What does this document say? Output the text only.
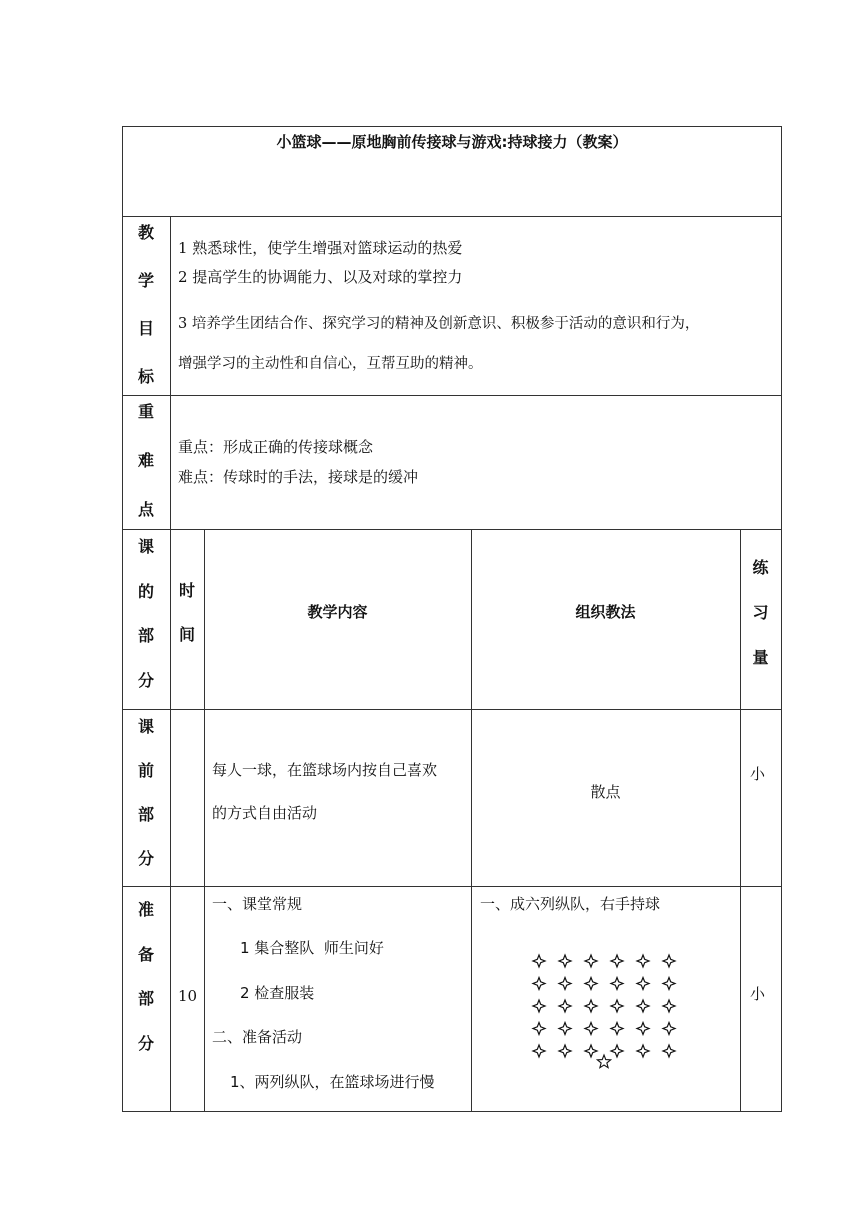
小篮球——原地胸前传接球与游戏:持球接力（教案）
教
学
目
标
1 熟悉球性，使学生增强对篮球运动的热爱
2 提高学生的协调能力、以及对球的掌控力
3 培养学生团结合作、探究学习的精神及创新意识、积极参于活动的意识和行为，
增强学习的主动性和自信心，互帮互助的精神。
重
难
点
重点：形成正确的传接球概念
难点：传球时的手法，接球是的缓冲
课
的
部
分
时
间
教学内容	组织教法
练
习
量
课
前
部
分
每人一球，在篮球场内按自己喜欢
的方式自由活动
散点
小
准
备
部
分
10
一、课堂常规
1 集合整队  师生问好
2 检查服装
二、准备活动
1、两列纵队，在篮球场进行慢
一、成六列纵队，右手持球
小
